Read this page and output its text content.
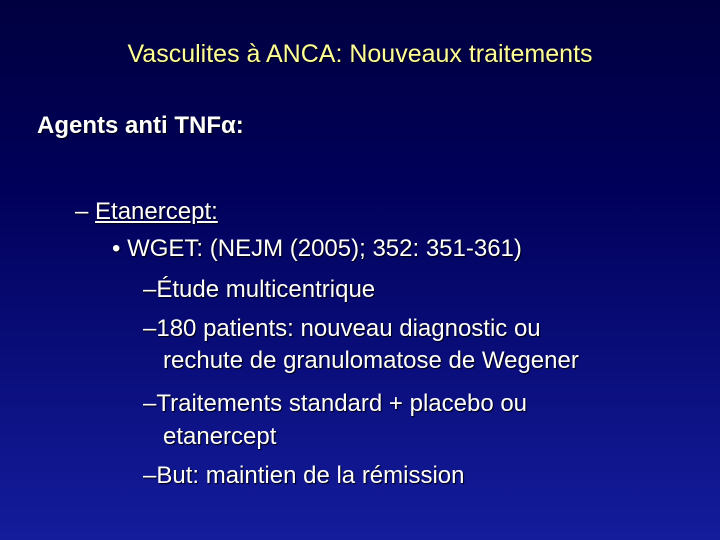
Vasculites à ANCA: Nouveaux traitements
Agents anti TNFα:
– Etanercept:
• WGET: (NEJM (2005); 352: 351-361)
–Étude multicentrique
–180 patients: nouveau diagnostic ou
rechute de granulomatose de Wegener
–Traitements standard + placebo ou
etanercept
–But: maintien de la rémission
